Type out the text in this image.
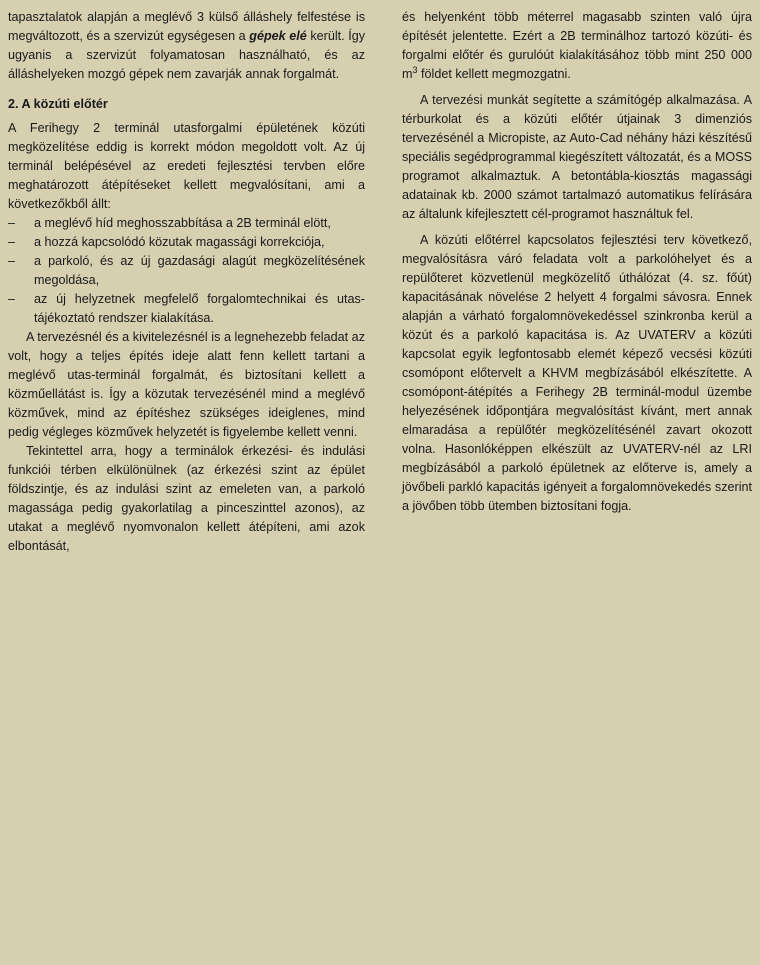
tapasztalatok alapján a meglévő 3 külső álláshely felfestése is megváltozott, és a szervizút egységesen a gépek elé került. Így ugyanis a szervizút folyamatosan használható, és az álláshelyeken mozgó gépek nem zavarják annak forgalmát.

2. A közúti előtér

A Ferihegy 2 terminál utasforgalmi épületének közúti megközelítése eddig is korrekt módon megoldott volt. Az új terminál belépésével az eredeti fejlesztési tervben előre meghatározott átépítéseket kellett megvalósítani, ami a következőkből állt:

– a meglévő híd meghosszabbítása a 2B terminál elött,
– a hozzá kapcsolódó közutak magassági korrekciója,
– a parkoló, és az új gazdasági alagút megközelítésének megoldása,
– az új helyzetnek megfelelő forgalomtechnikai és utas-tájékoztató rendszer kialakítása.

A tervezésnél és a kivitelezésnél is a legnehezebb feladat az volt, hogy a teljes építés ideje alatt fenn kellett tartani a meglévő utas-terminál forgalmát, és biztosítani kellett a közműellátást is. Így a közutak tervezésénél mind a meglévő közművek, mind az építéshez szükséges ideiglenes, mind pedig végleges közművek helyzetét is figyelembe kellett venni.

Tekintettel arra, hogy a terminálok érkezési- és indulási funkciói térben elkülönülnek (az érkezési szint az épület földszintje, és az indulási szint az emeleten van, a parkoló magassága pedig gyakorlatilag a pinceszinttel azonos), az utakat a meglévő nyomvonalon kellett átépíteni, ami azok elbontását,

és helyenként több méterrel magasabb szinten való újra építését jelentette. Ezért a 2B terminálhoz tartozó közúti- és forgalmi előtér és gurulóút kialakításához több mint 250 000 $m^3$ földet kellett megmozgatni.

A tervezési munkát segítette a számítógép alkalmazása. A térburkolat és a közúti előtér útjainak 3 dimenziós tervezésénél a Micropiste, az Auto-Cad néhány házi készítésű speciális segédprogrammal kiegészített változatát, és a MOSS programot alkalmaztuk. A betontábla-kiosztás magassági adatainak kb. 2000 számot tartalmazó automatikus felírására az általunk kifejlesztett cél-programot használtuk fel.

A közúti előtérrel kapcsolatos fejlesztési terv következő, megvalósításra váró feladata volt a parkolóhelyet és a repülőteret közvetlenül megközelítő úthálózat (4. sz. főút) kapacitásának növelése 2 helyett 4 forgalmi sávosra. Ennek alapján a várható forgalomnövekedéssel szinkronba kerül a közút és a parkoló kapacitása is. Az UVATERV a közúti kapcsolat egyik legfontosabb elemét képező vecsési közúti csomópont előtervelt a KHVM megbízásából elkészítette. A csomópont-átépítés a Ferihegy 2B terminál-modul üzembe helyezésének időpontjára megvalósítást kívánt, mert annak elmaradása a repülőtér megközelítésénél zavart okozott volna. Hasonlóképpen elkészült az UVATERV-nél az LRI megbízásából a parkoló épületnek az előterve is, amely a jövőbeli parkló kapacitás igényeit a forgalomnövekedés szerint a jövőben több ütemben biztosítani fogja.
